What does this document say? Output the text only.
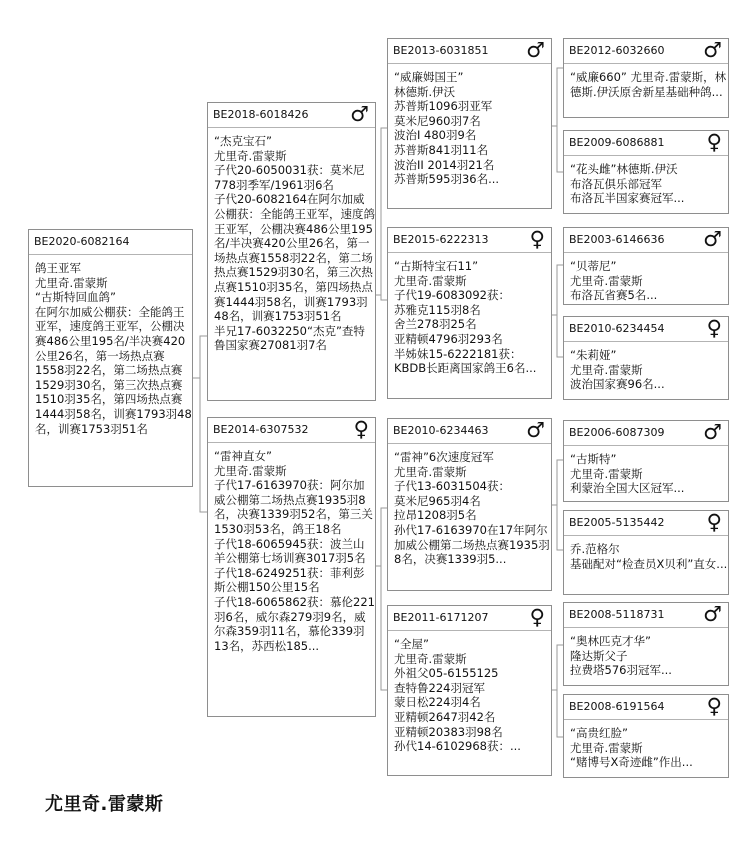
BE2020-6082164
鸽王亚军
尤里奇.雷蒙斯
“古斯特回血鸽”
在阿尔加威公棚获：全能鸽王亚军，速度鸽王亚军，公棚决赛486公里195名/半决赛420公里26名，第一场热点赛1558羽22名，第二场热点赛1529羽30名，第三次热点赛1510羽35名，第四场热点赛1444羽58名，训赛1793羽48名，训赛1753羽51名
BE2018-6018426 ♂
“杰克宝石”
尤里奇.雷蒙斯
子代20-6050031获：莫米尼778羽季军/1961羽6名
子代20-6082164在阿尔加威公棚获：全能鸽王亚军，速度鸽王亚军，公棚决赛486公里195名/半决赛420公里26名，第一场热点赛1558羽22名，第二场热点赛1529羽30名，第三次热点赛1510羽35名，第四场热点赛1444羽58名，训赛1793羽48名，训赛1753羽51名
半兄17-6032250“杰克”查特鲁国家赛27081羽7名
BE2014-6307532 ♀
“雷神直女”
尤里奇.雷蒙斯
子代17-6163970获：阿尔加威公棚第二场热点赛1935羽8名，决赛1339羽52名，第三关1530羽53名，鸽王18名
子代18-6065945获：波兰山羊公棚第七场训赛3017羽5名
子代18-6249251获：菲利彭斯公棚150公里15名
子代18-6065862获：慕伦221羽6名，威尔森279羽9名，威尔森359羽11名，慕伦339羽13名，苏西松185...
BE2013-6031851 ♂
“威廉姆国王”
林德斯.伊沃
苏普斯1096羽亚军
莫米尼960羽7名
波治I 480羽9名
苏普斯841羽11名
波治II 2014羽21名
苏普斯595羽36名...
BE2015-6222313 ♀
“古斯特宝石11”
尤里奇.雷蒙斯
子代19-6083092获：
苏雅克115羽8名
舍兰278羽25名
亚精顿4796羽293名
半姊妹15-6222181获：
KBDB长距离国家鸽王6名...
BE2010-6234463 ♂
“雷神”6次速度冠军
尤里奇.雷蒙斯
子代13-6031504获：
莫米尼965羽4名
拉昂1208羽5名
孙代17-6163970在17年阿尔加威公棚第二场热点赛1935羽8名，决赛1339羽5...
BE2011-6171207 ♀
“全屋”
尤里奇.雷蒙斯
外祖父05-6155125
查特鲁224羽冠军
蒙日松224羽4名
亚精顿2647羽42名
亚精顿20383羽98名
孙代14-6102968获：...
BE2012-6032660 ♂
“威廉660” 尤里奇.雷蒙斯，林德斯.伊沃原舍新星基础种鸽...
BE2009-6086881 ♀
“花头雌”林德斯.伊沃
布洛瓦俱乐部冠军
布洛瓦半国家赛冠军...
BE2003-6146636 ♂
“贝蒂尼”
尤里奇.雷蒙斯
布洛瓦省赛5名...
BE2010-6234454 ♀
“朱莉娅”
尤里奇.雷蒙斯
波治国家赛96名...
BE2006-6087309 ♂
“古斯特”
尤里奇.雷蒙斯
利蒙治全国大区冠军...
BE2005-5135442 ♀
乔.范格尔
基础配对“检查员X贝利”直女...
BE2008-5118731 ♂
“奥林匹克才华”
隆达斯父子
拉费塔576羽冠军...
BE2008-6191564 ♀
“高贵红脸”
尤里奇.雷蒙斯
“赌博号X奇迹雌”作出...
尤里奇.雷蒙斯
